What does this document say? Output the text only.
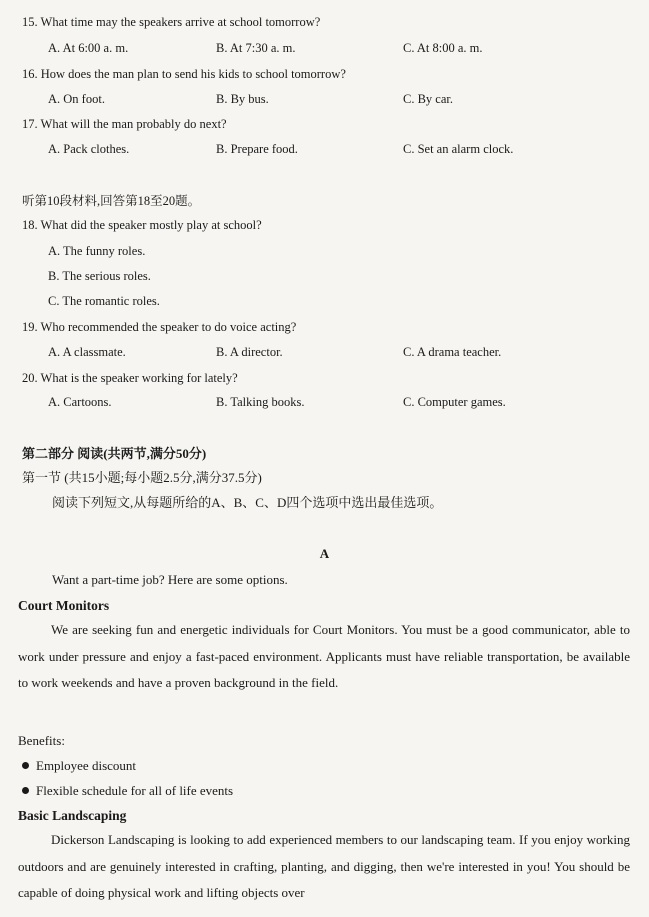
15. What time may the speakers arrive at school tomorrow?
A. At 6:00 a. m.	B. At 7:30 a. m.	C. At 8:00 a. m.
16. How does the man plan to send his kids to school tomorrow?
A. On foot.	B. By bus.	C. By car.
17. What will the man probably do next?
A. Pack clothes.	B. Prepare food.	C. Set an alarm clock.
听第10段材料,回答第18至20题。
18. What did the speaker mostly play at school?
A. The funny roles.
B. The serious roles.
C. The romantic roles.
19. Who recommended the speaker to do voice acting?
A. A classmate.	B. A director.	C. A drama teacher.
20. What is the speaker working for lately?
A. Cartoons.	B. Talking books.	C. Computer games.
第二部分 阅读(共两节,满分50分)
第一节 (共15小题;每小题2.5分,满分37.5分)
阅读下列短文,从每题所给的A、B、C、D四个选项中选出最佳选项。
A
Want a part-time job? Here are some options.
Court Monitors
We are seeking fun and energetic individuals for Court Monitors. You must be a good communicator, able to work under pressure and enjoy a fast-paced environment. Applicants must have reliable transportation, be available to work weekends and have a proven background in the field.
Benefits:
Employee discount
Flexible schedule for all of life events
Basic Landscaping
Dickerson Landscaping is looking to add experienced members to our landscaping team. If you enjoy working outdoors and are genuinely interested in crafting, planting, and digging, then we're interested in you! You should be capable of doing physical work and lifting objects over
